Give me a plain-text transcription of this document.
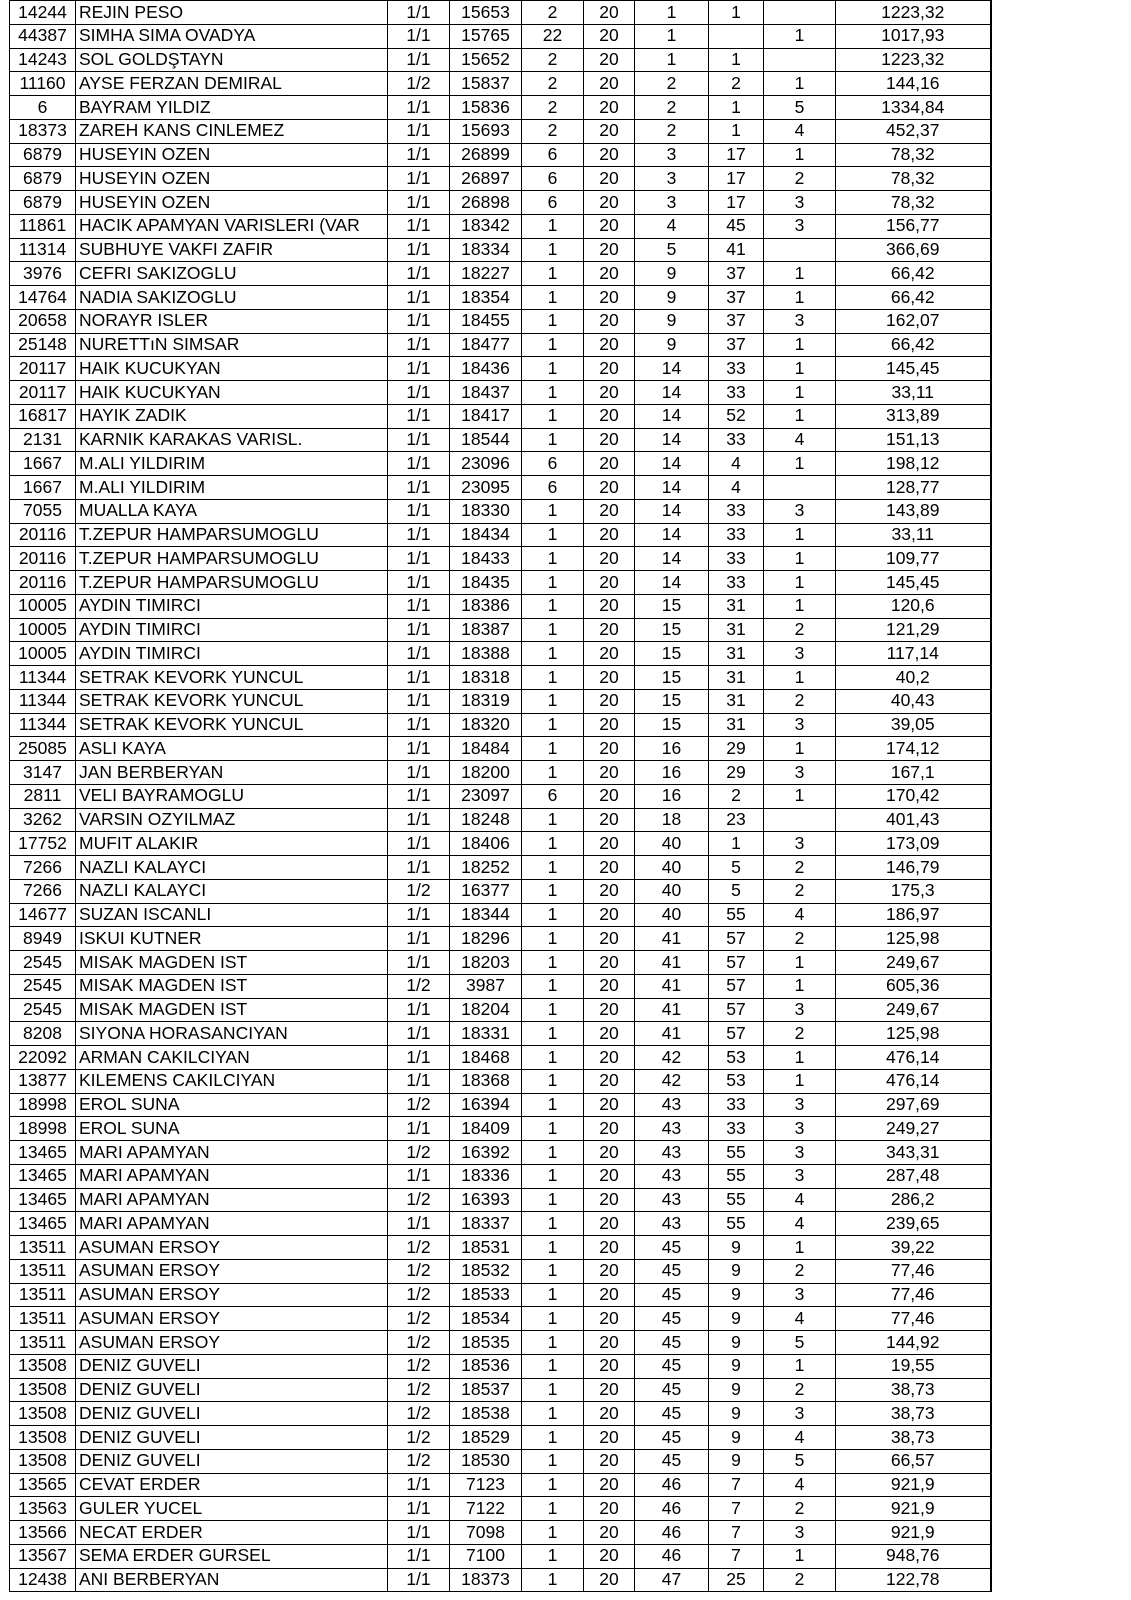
14244	REJIN PESO	1/1	15653	2	20	1	1		1223,32
44387	SIMHA SIMA OVADYA	1/1	15765	22	20	1		1	1017,93
14243	SOL GOLDŞTAYN	1/1	15652	2	20	1	1		1223,32
11160	AYSE FERZAN DEMIRAL	1/2	15837	2	20	2	2	1	144,16
6	BAYRAM YILDIZ	1/1	15836	2	20	2	1	5	1334,84
18373	ZAREH KANS CINLEMEZ	1/1	15693	2	20	2	1	4	452,37
6879	HUSEYIN OZEN	1/1	26899	6	20	3	17	1	78,32
6879	HUSEYIN OZEN	1/1	26897	6	20	3	17	2	78,32
6879	HUSEYIN OZEN	1/1	26898	6	20	3	17	3	78,32
11861	HACIK APAMYAN VARISLERI (VAR	1/1	18342	1	20	4	45	3	156,77
11314	SUBHUYE VAKFI ZAFIR	1/1	18334	1	20	5	41		366,69
3976	CEFRI SAKIZOGLU	1/1	18227	1	20	9	37	1	66,42
14764	NADIA SAKIZOGLU	1/1	18354	1	20	9	37	1	66,42
20658	NORAYR ISLER	1/1	18455	1	20	9	37	3	162,07
25148	NURETTıN SIMSAR	1/1	18477	1	20	9	37	1	66,42
20117	HAIK KUCUKYAN	1/1	18436	1	20	14	33	1	145,45
20117	HAIK KUCUKYAN	1/1	18437	1	20	14	33	1	33,11
16817	HAYIK ZADIK	1/1	18417	1	20	14	52	1	313,89
2131	KARNIK KARAKAS VARISL.	1/1	18544	1	20	14	33	4	151,13
1667	M.ALI YILDIRIM	1/1	23096	6	20	14	4	1	198,12
1667	M.ALI YILDIRIM	1/1	23095	6	20	14	4		128,77
7055	MUALLA KAYA	1/1	18330	1	20	14	33	3	143,89
20116	T.ZEPUR HAMPARSUMOGLU	1/1	18434	1	20	14	33	1	33,11
20116	T.ZEPUR HAMPARSUMOGLU	1/1	18433	1	20	14	33	1	109,77
20116	T.ZEPUR HAMPARSUMOGLU	1/1	18435	1	20	14	33	1	145,45
10005	AYDIN TIMIRCI	1/1	18386	1	20	15	31	1	120,6
10005	AYDIN TIMIRCI	1/1	18387	1	20	15	31	2	121,29
10005	AYDIN TIMIRCI	1/1	18388	1	20	15	31	3	117,14
11344	SETRAK KEVORK YUNCUL	1/1	18318	1	20	15	31	1	40,2
11344	SETRAK KEVORK YUNCUL	1/1	18319	1	20	15	31	2	40,43
11344	SETRAK KEVORK YUNCUL	1/1	18320	1	20	15	31	3	39,05
25085	ASLI KAYA	1/1	18484	1	20	16	29	1	174,12
3147	JAN BERBERYAN	1/1	18200	1	20	16	29	3	167,1
2811	VELI BAYRAMOGLU	1/1	23097	6	20	16	2	1	170,42
3262	VARSIN OZYILMAZ	1/1	18248	1	20	18	23		401,43
17752	MUFIT ALAKIR	1/1	18406	1	20	40	1	3	173,09
7266	NAZLI KALAYCI	1/1	18252	1	20	40	5	2	146,79
7266	NAZLI KALAYCI	1/2	16377	1	20	40	5	2	175,3
14677	SUZAN ISCANLI	1/1	18344	1	20	40	55	4	186,97
8949	ISKUI KUTNER	1/1	18296	1	20	41	57	2	125,98
2545	MISAK MAGDEN IST	1/1	18203	1	20	41	57	1	249,67
2545	MISAK MAGDEN IST	1/2	3987	1	20	41	57	1	605,36
2545	MISAK MAGDEN IST	1/1	18204	1	20	41	57	3	249,67
8208	SIYONA HORASANCIYAN	1/1	18331	1	20	41	57	2	125,98
22092	ARMAN CAKILCIYAN	1/1	18468	1	20	42	53	1	476,14
13877	KILEMENS CAKILCIYAN	1/1	18368	1	20	42	53	1	476,14
18998	EROL SUNA	1/2	16394	1	20	43	33	3	297,69
18998	EROL SUNA	1/1	18409	1	20	43	33	3	249,27
13465	MARI APAMYAN	1/2	16392	1	20	43	55	3	343,31
13465	MARI APAMYAN	1/1	18336	1	20	43	55	3	287,48
13465	MARI APAMYAN	1/2	16393	1	20	43	55	4	286,2
13465	MARI APAMYAN	1/1	18337	1	20	43	55	4	239,65
13511	ASUMAN ERSOY	1/2	18531	1	20	45	9	1	39,22
13511	ASUMAN ERSOY	1/2	18532	1	20	45	9	2	77,46
13511	ASUMAN ERSOY	1/2	18533	1	20	45	9	3	77,46
13511	ASUMAN ERSOY	1/2	18534	1	20	45	9	4	77,46
13511	ASUMAN ERSOY	1/2	18535	1	20	45	9	5	144,92
13508	DENIZ GUVELI	1/2	18536	1	20	45	9	1	19,55
13508	DENIZ GUVELI	1/2	18537	1	20	45	9	2	38,73
13508	DENIZ GUVELI	1/2	18538	1	20	45	9	3	38,73
13508	DENIZ GUVELI	1/2	18529	1	20	45	9	4	38,73
13508	DENIZ GUVELI	1/2	18530	1	20	45	9	5	66,57
13565	CEVAT ERDER	1/1	7123	1	20	46	7	4	921,9
13563	GULER YUCEL	1/1	7122	1	20	46	7	2	921,9
13566	NECAT ERDER	1/1	7098	1	20	46	7	3	921,9
13567	SEMA ERDER GURSEL	1/1	7100	1	20	46	7	1	948,76
12438	ANI BERBERYAN	1/1	18373	1	20	47	25	2	122,78
